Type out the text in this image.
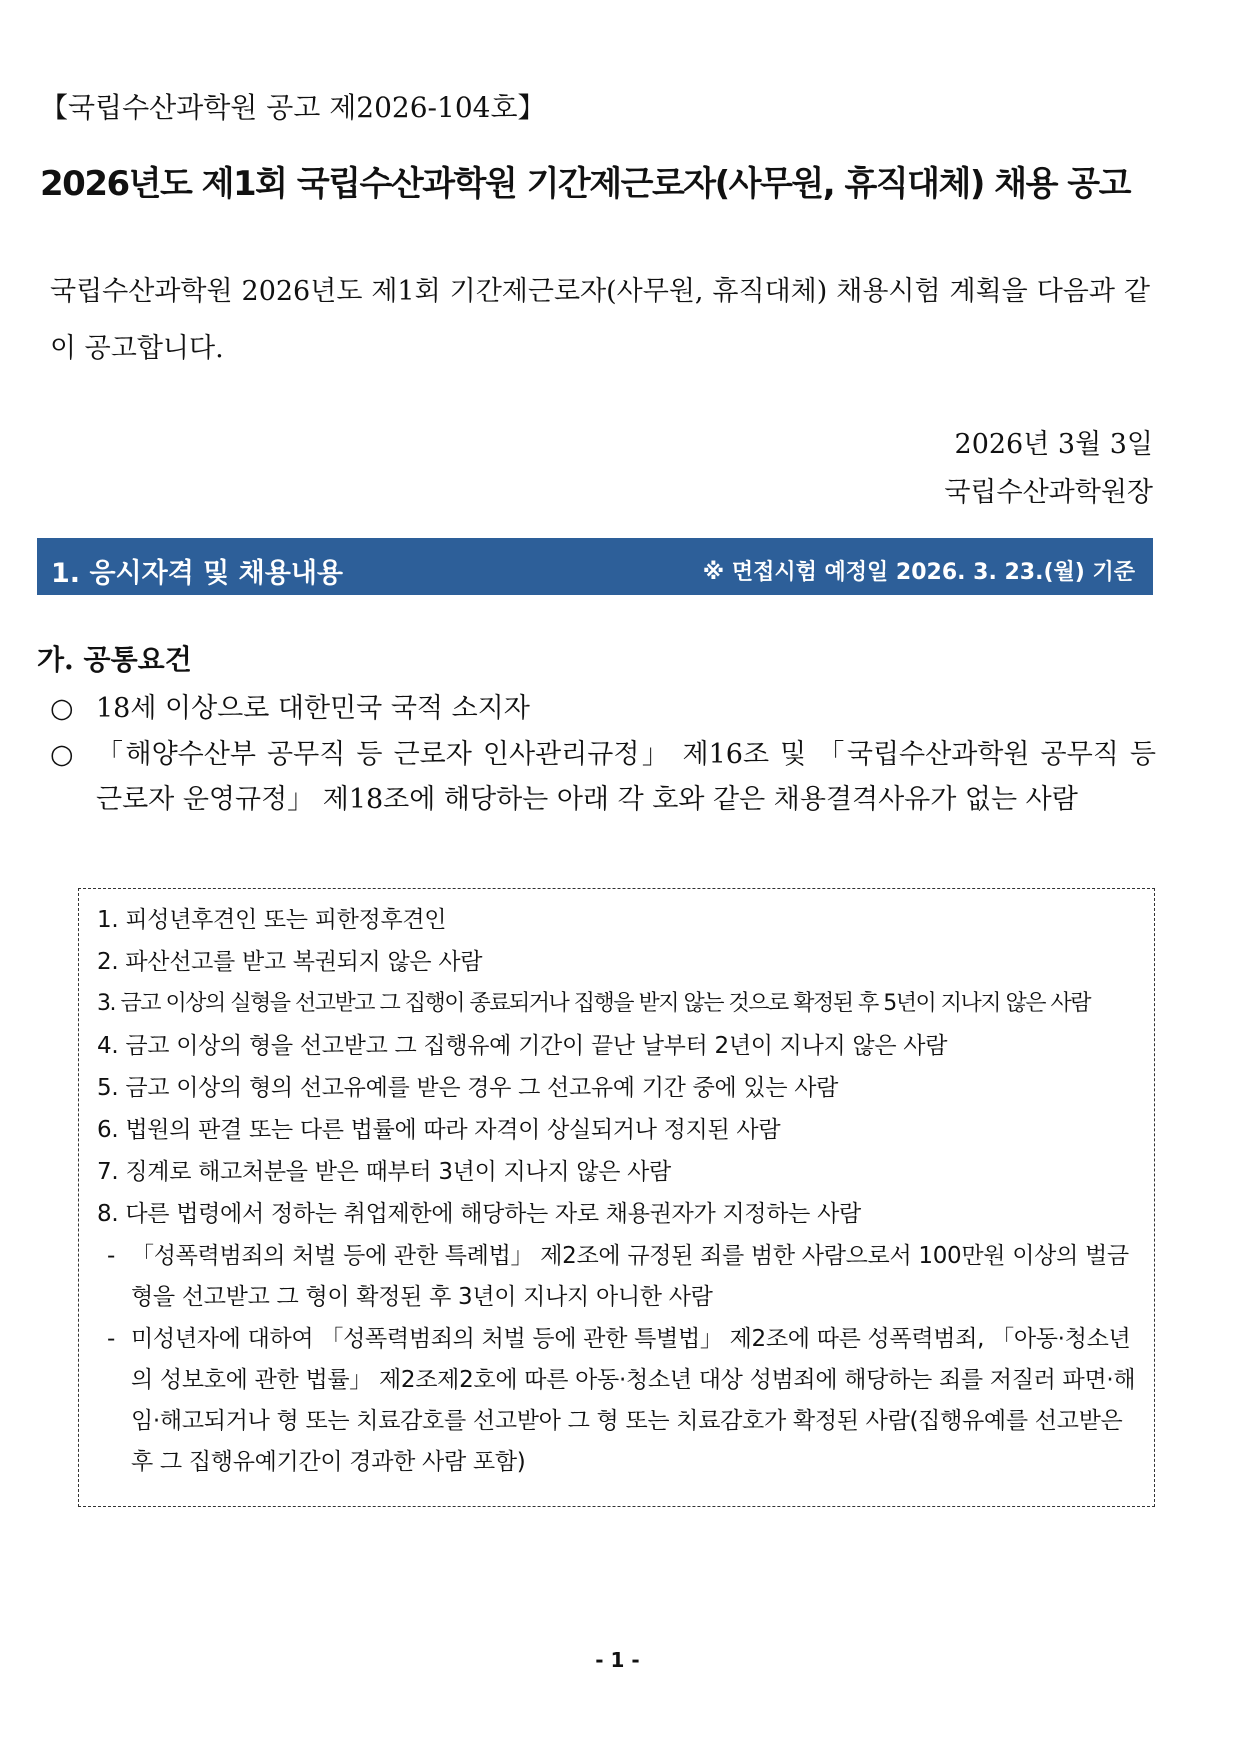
【국립수산과학원 공고 제2026-104호】
2026년도 제1회 국립수산과학원 기간제근로자(사무원, 휴직대체) 채용 공고
국립수산과학원 2026년도 제1회 기간제근로자(사무원, 휴직대체) 채용시험 계획을 다음과 같이 공고합니다.
2026년 3월 3일
국립수산과학원장
1. 응시자격 및 채용내용	※ 면접시험 예정일 2026. 3. 23.(월) 기준
가. 공통요건
○ 18세 이상으로 대한민국 국적 소지자
○ 「해양수산부 공무직 등 근로자 인사관리규정」 제16조 및 「국립수산과학원 공무직 등 근로자 운영규정」 제18조에 해당하는 아래 각 호와 같은 채용결격사유가 없는 사람
1. 피성년후견인 또는 피한정후견인
2. 파산선고를 받고 복권되지 않은 사람
3. 금고 이상의 실형을 선고받고 그 집행이 종료되거나 집행을 받지 않는 것으로 확정된 후 5년이 지나지 않은 사람
4. 금고 이상의 형을 선고받고 그 집행유예 기간이 끝난 날부터 2년이 지나지 않은 사람
5. 금고 이상의 형의 선고유예를 받은 경우 그 선고유예 기간 중에 있는 사람
6. 법원의 판결 또는 다른 법률에 따라 자격이 상실되거나 정지된 사람
7. 징계로 해고처분을 받은 때부터 3년이 지나지 않은 사람
8. 다른 법령에서 정하는 취업제한에 해당하는 자로 채용권자가 지정하는 사람
- 「성폭력범죄의 처벌 등에 관한 특례법」 제2조에 규정된 죄를 범한 사람으로서 100만원 이상의 벌금형을 선고받고 그 형이 확정된 후 3년이 지나지 아니한 사람
- 미성년자에 대하여 「성폭력범죄의 처벌 등에 관한 특별법」 제2조에 따른 성폭력범죄, 「아동·청소년의 성보호에 관한 법률」 제2조제2호에 따른 아동·청소년 대상 성범죄에 해당하는 죄를 저질러 파면·해임·해고되거나 형 또는 치료감호를 선고받아 그 형 또는 치료감호가 확정된 사람(집행유예를 선고받은 후 그 집행유예기간이 경과한 사람 포함)
- 1 -
